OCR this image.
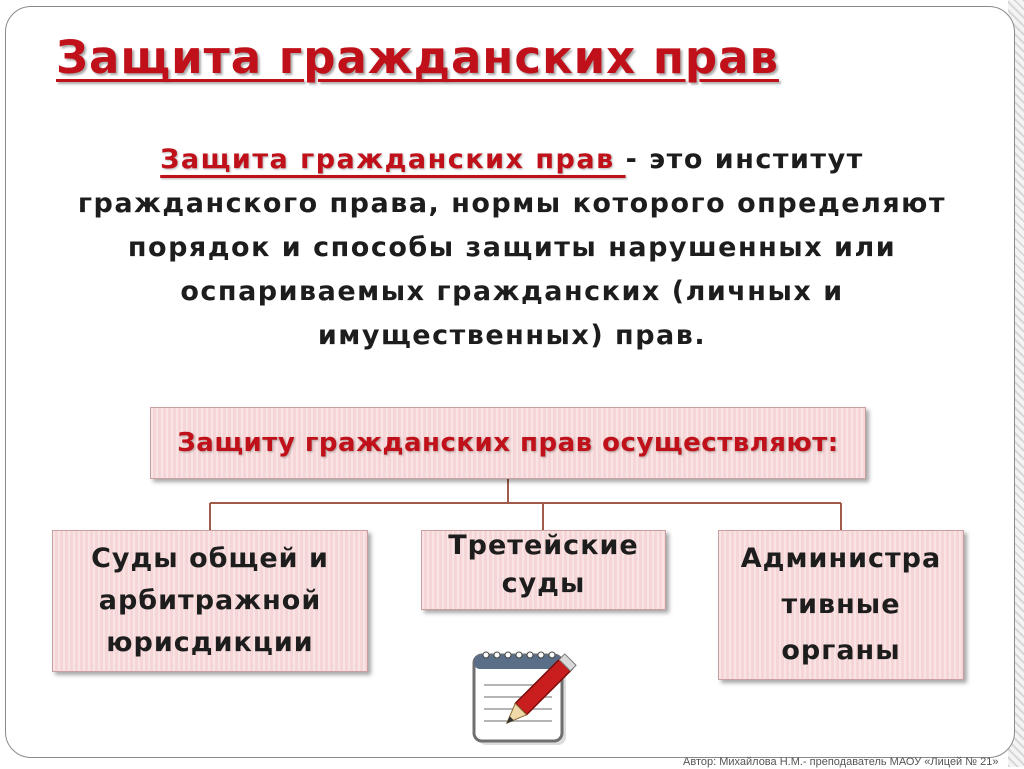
Защита гражданских прав

Защита гражданских прав - это институт гражданского права, нормы которого определяют порядок и способы защиты нарушенных или оспариваемых гражданских (личных и имущественных) прав.

Защиту гражданских прав осуществляют:
Суды общей и арбитражной юрисдикции
Третейские суды
Администра тивные органы
Автор: Михайлова Н.М.- преподаватель МАОУ «Лицей № 21»
